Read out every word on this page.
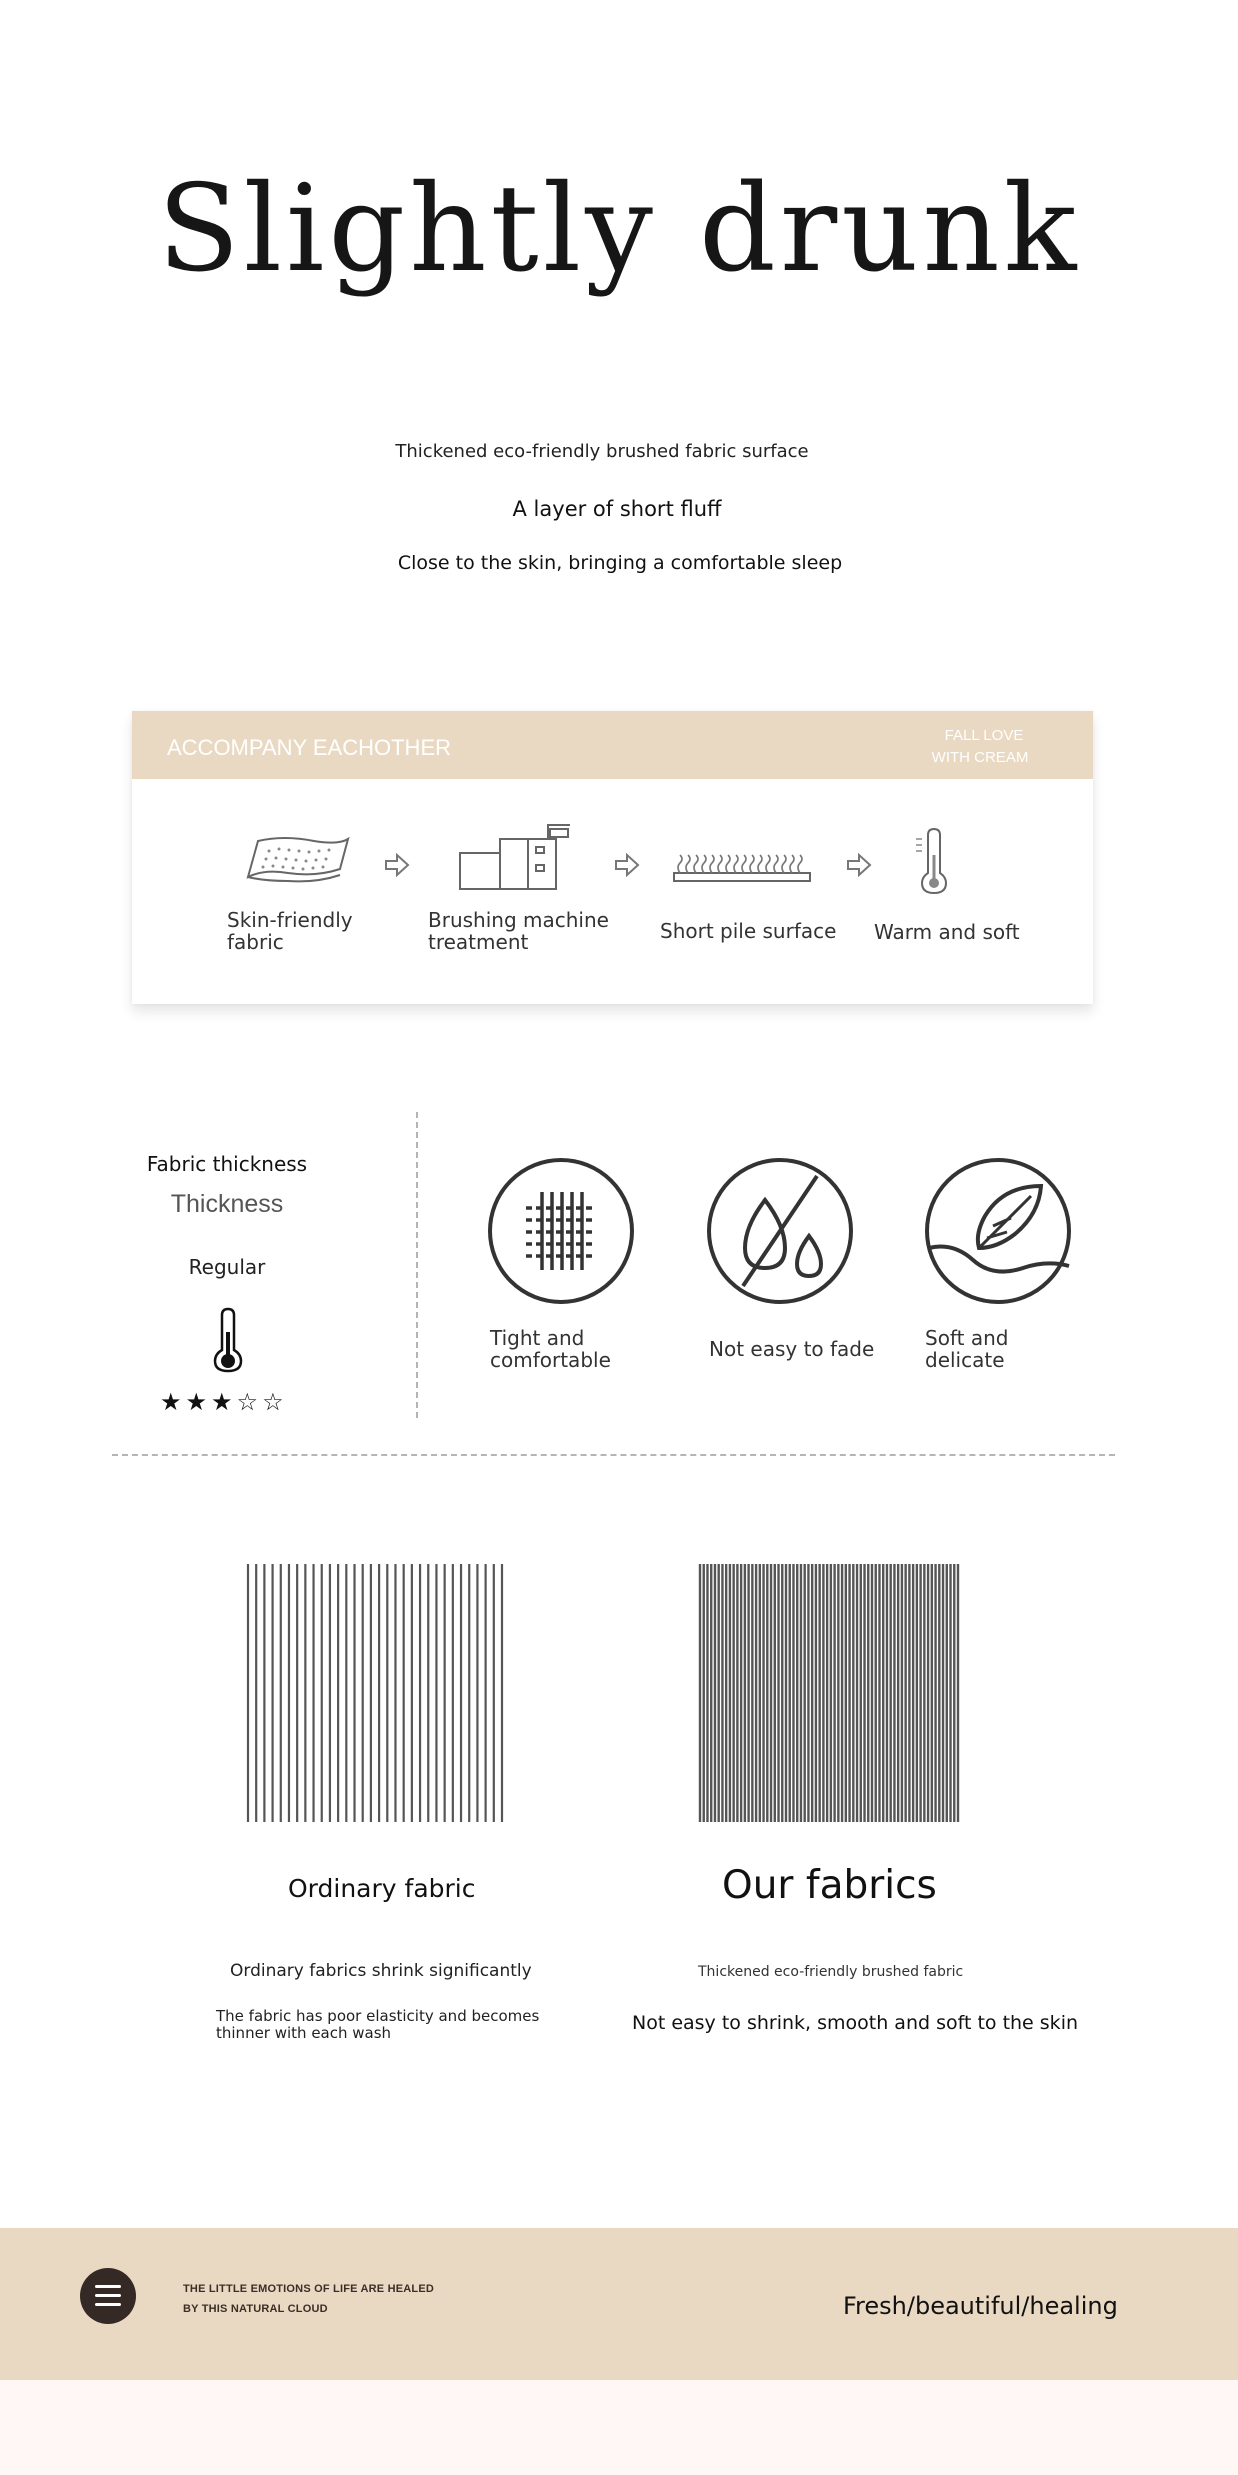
Slightly drunk
Thickened eco-friendly brushed fabric surface
A layer of short fluff
Close to the skin, bringing a comfortable sleep
ACCOMPANY EACHOTHER	FALL LOVE
WITH CREAM
Skin-friendly
fabric
Brushing machine
treatment	Short pile surface Warm and soft
Fabric thickness
Thickness
Regular
★ ★ ★ ☆ ☆
Tight and
comfortable	Not easy to fade	Soft and
delicate
Ordinary fabric	Our fabrics
Ordinary fabrics shrink significantly
The fabric has poor elasticity and becomes
thinner with each wash
Thickened eco-friendly brushed fabric
Not easy to shrink, smooth and soft to the skin
THE LITTLE EMOTIONS OF LIFE ARE HEALED
BY THIS NATURAL CLOUD	Fresh/beautiful/healing
